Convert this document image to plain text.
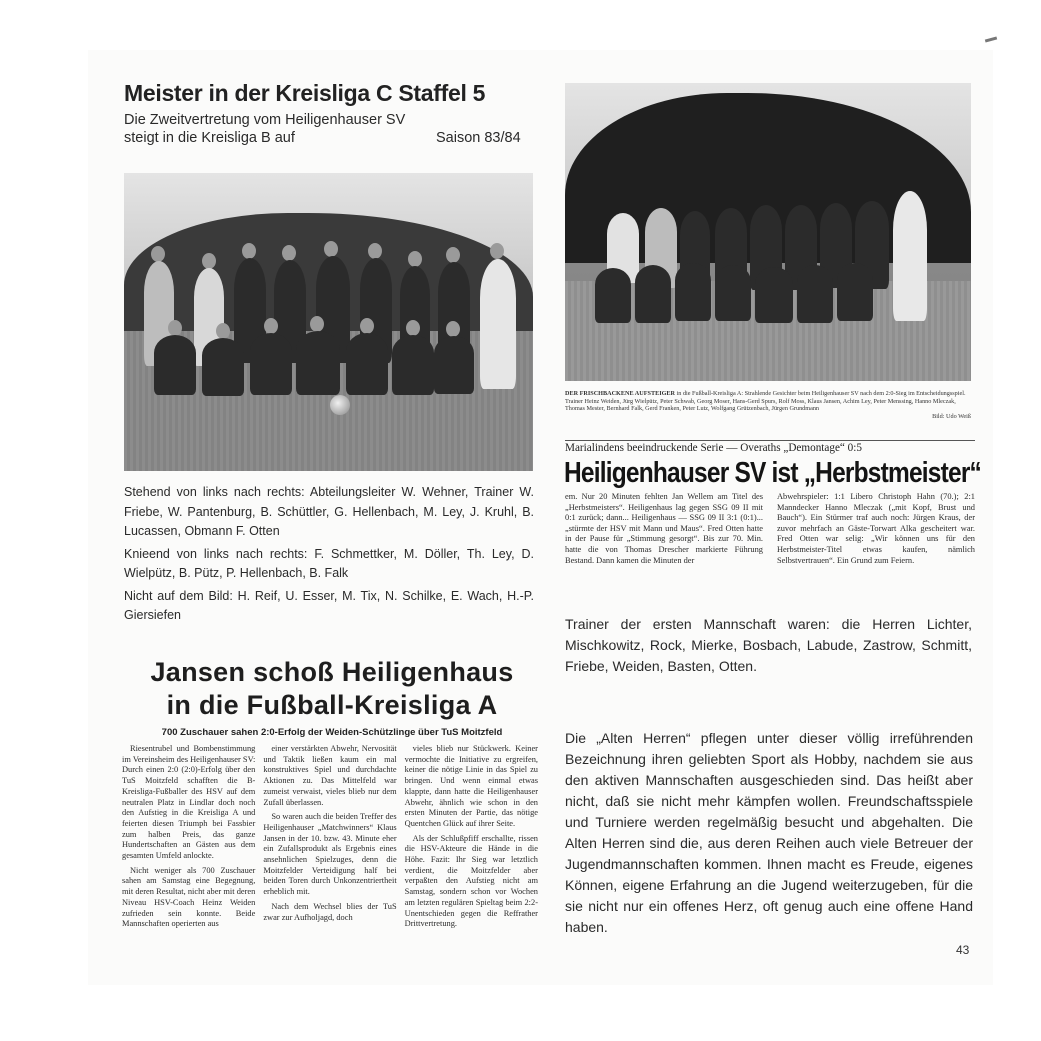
Meister in der Kreisliga C Staffel 5
Die Zweitvertretung vom Heiligenhauser SV
steigt in die Kreisliga B auf	Saison 83/84

Stehend von links nach rechts: Abteilungsleiter W. Wehner, Trainer W. Friebe, W. Pantenburg, B. Schüttler, G. Hellenbach, M. Ley, J. Kruhl, B. Lucassen, Obmann F. Otten

Knieend von links nach rechts: F. Schmettker, M. Döller, Th. Ley, D. Wielpütz, B. Pütz, P. Hellenbach, B. Falk

Nicht auf dem Bild: H. Reif, U. Esser, M. Tix, N. Schilke, E. Wach, H.-P. Giersiefen

Jansen schoß Heiligenhaus
in die Fußball-Kreisliga A
700 Zuschauer sahen 2:0-Erfolg der Weiden-Schützlinge über TuS Moitzfeld

Riesentrubel und Bombenstimmung im Vereinsheim des Heiligenhauser SV: Durch einen 2:0 (2:0)-Erfolg über den TuS Moitzfeld schafften die B-Kreisliga-Fußballer des HSV auf dem neutralen Platz in Lindlar doch noch den Aufstieg in die Kreisliga A und feierten diesen Triumph bei Fassbier zum halben Preis, das ganze Hundertschaften an Gästen aus dem gesamten Umfeld anlockte.

Nicht weniger als 700 Zuschauer sahen am Samstag eine Begegnung, mit deren Resultat, nicht aber mit deren Niveau HSV-Coach Heinz Weiden zufrieden sein konnte. Beide Mannschaften operierten aus

einer verstärkten Abwehr, Nervosität und Taktik ließen kaum ein mal konstruktives Spiel und durchdachte Aktionen zu. Das Mittelfeld war zumeist verwaist, vieles blieb nur dem Zufall überlassen.

So waren auch die beiden Treffer des Heiligenhauser „Matchwinners“ Klaus Jansen in der 10. bzw. 43. Minute eher ein Zufallsprodukt als Ergebnis eines ansehnlichen Spielzuges, denn die Moitzfelder Verteidigung half bei beiden Toren durch Unkonzentriertheit erheblich mit.

Nach dem Wechsel blies der TuS zwar zur Aufholjagd, doch

vieles blieb nur Stückwerk. Keiner vermochte die Initiative zu ergreifen, keiner die nötige Linie in das Spiel zu bringen. Und wenn einmal etwas klappte, dann hatte die Heiligenhauser Abwehr, ähnlich wie schon in den ersten Minuten der Partie, das nötige Quentchen Glück auf ihrer Seite.

Als der Schlußpfiff erschallte, rissen die HSV-Akteure die Hände in die Höhe. Fazit: Ihr Sieg war letztlich verdient, die Moitzfelder aber verpaßten den Aufstieg nicht am Samstag, sondern schon vor Wochen am letzten regulären Spieltag beim 2:2-Unentschieden gegen die Reffrather Drittvertretung.

DER FRISCHBACKENE AUFSTEIGER in die Fußball-Kreisliga A: Strahlende Gesichter beim Heiligenhauser SV nach dem 2:0-Sieg im Entscheidungsspiel. Trainer Heinz Weiden, Jürg Wielpütz, Peter Schwab, Georg Moser, Hans-Gerd Spurs, Rolf Moss, Klaus Jansen, Achim Ley, Peter Menssing, Hanno Mleczak, Thomas Mester, Bernhard Falk, Gerd Franken, Peter Lutz, Wolfgang Grützenbach, Jürgen Grundmann
Bild: Udo Weiß
Marialindens beeindruckende Serie — Overaths „Demontage“ 0:5
Heiligenhauser SV ist „Herbstmeister“

em. Nur 20 Minuten fehlten Jan Wellem am Titel des „Herbstmeisters“. Heiligenhaus lag gegen SSG 09 II mit 0:1 zurück; dann... Heiligenhaus — SSG 09 II 3:1 (0:1)... „stürmte der HSV mit Mann und Maus“. Fred Otten hatte in der Pause für „Stimmung gesorgt“. Bis zur 70. Min. hatte die von Thomas Drescher markierte Führung Bestand. Dann kamen die Minuten der

Abwehrspieler: 1:1 Libero Christoph Hahn (70.); 2:1 Manndecker Hanno Mleczak („mit Kopf, Brust und Bauch“). Ein Stürmer traf auch noch: Jürgen Kraus, der zuvor mehrfach an Gäste-Torwart Alka gescheitert war. Fred Otten war selig: „Wir können uns für den Herbstmeister-Titel etwas kaufen, nämlich Selbstvertrauen“. Ein Grund zum Feiern.

Trainer der ersten Mannschaft waren: die Herren Lichter, Mischkowitz, Rock, Mierke, Bosbach, Labude, Zastrow, Schmitt, Friebe, Weiden, Basten, Otten.
Die „Alten Herren“ pflegen unter dieser völlig irreführenden Bezeichnung ihren geliebten Sport als Hobby, nachdem sie aus den aktiven Mannschaften ausgeschieden sind. Das heißt aber nicht, daß sie nicht mehr kämpfen wollen. Freundschaftsspiele und Turniere werden regelmäßig besucht und abgehalten. Die Alten Herren sind die, aus deren Reihen auch viele Betreuer der Jugendmannschaften kommen. Ihnen macht es Freude, eigenes Können, eigene Erfahrung an die Jugend weiterzugeben, für die sie nicht nur ein offenes Herz, oft genug auch eine offene Hand haben.
43
